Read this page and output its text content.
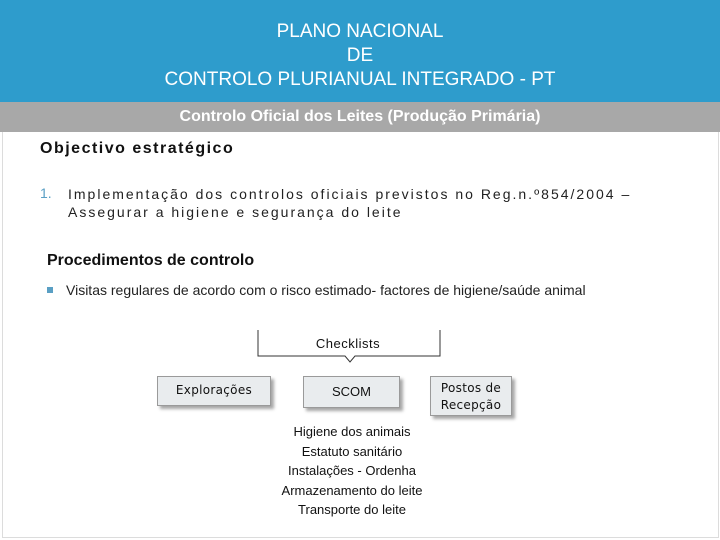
PLANO NACIONAL
DE
CONTROLO PLURIANUAL INTEGRADO - PT
Controlo Oficial dos Leites (Produção Primária)
Objectivo estratégico
1. Implementação dos controlos oficiais previstos no Reg.n.º854/2004 – Assegurar a higiene e segurança do leite
Procedimentos de controlo
Visitas regulares de acordo com o risco estimado- factores de higiene/saúde animal
Checklists
Explorações	SCOM	Postos de
Recepção
Higiene dos animais
Estatuto sanitário
Instalações - Ordenha
Armazenamento do leite
Transporte do leite
